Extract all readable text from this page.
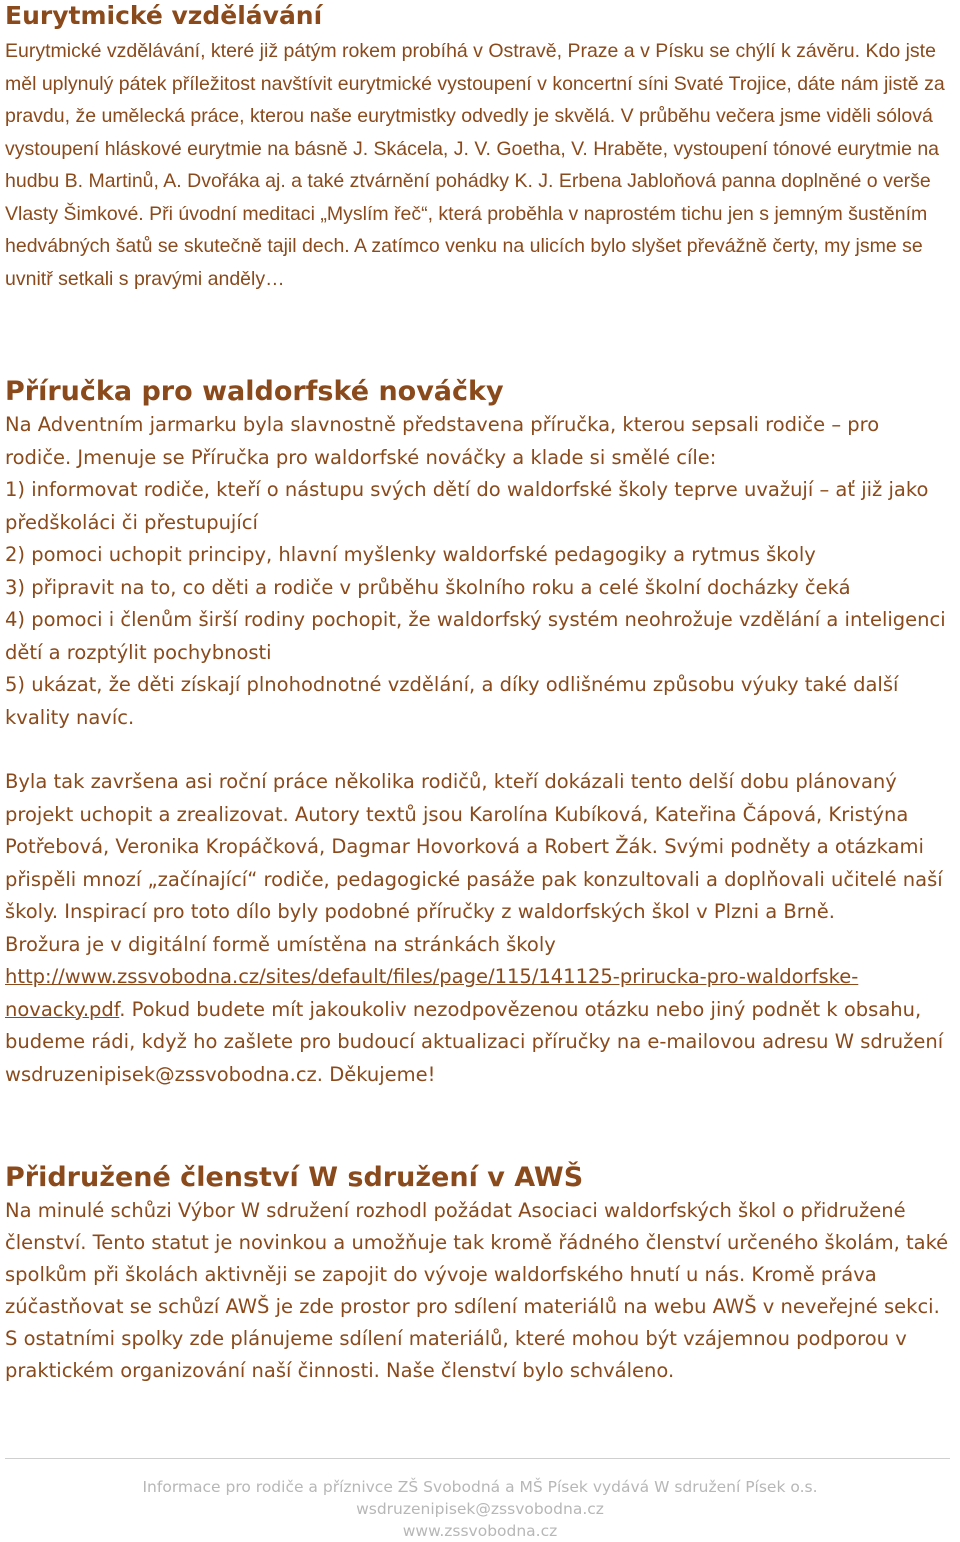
Eurytmické vzdělávání

Eurytmické vzdělávání, které již pátým rokem probíhá v Ostravě, Praze a v Písku se chýlí k závěru. Kdo jste měl uplynulý pátek příležitost navštívit eurytmické vystoupení v koncertní síni Svaté Trojice, dáte nám jistě za pravdu, že umělecká práce, kterou naše eurytmistky odvedly je skvělá. V průběhu večera jsme viděli sólová vystoupení hláskové eurytmie na básně J. Skácela, J. V. Goetha, V. Hraběte, vystoupení tónové eurytmie na hudbu B. Martinů, A. Dvořáka aj. a také ztvárnění pohádky K. J. Erbena Jabloňová panna doplněné o verše Vlasty Šimkové. Při úvodní meditaci „Myslím řeč“, která proběhla v naprostém tichu jen s jemným šustěním hedvábných šatů se skutečně tajil dech. A zatímco venku na ulicích bylo slyšet převážně čerty, my jsme se uvnitř setkali s pravými anděly…

Příručka pro waldorfské nováčky

Na Adventním jarmarku byla slavnostně představena příručka, kterou sepsali rodiče – pro rodiče. Jmenuje se Příručka pro waldorfské nováčky a klade si smělé cíle:

1) informovat rodiče, kteří o nástupu svých dětí do waldorfské školy teprve uvažují – ať již jako předškoláci či přestupující

2) pomoci uchopit principy, hlavní myšlenky waldorfské pedagogiky a rytmus školy

3) připravit na to, co děti a rodiče v průběhu školního roku a celé školní docházky čeká

4) pomoci i členům širší rodiny pochopit, že waldorfský systém neohrožuje vzdělání a inteligenci dětí a rozptýlit pochybnosti

5) ukázat, že děti získají plnohodnotné vzdělání, a díky odlišnému způsobu výuky také další kvality navíc.

Byla tak završena asi roční práce několika rodičů, kteří dokázali tento delší dobu plánovaný projekt uchopit a zrealizovat. Autory textů jsou Karolína Kubíková, Kateřina Čápová, Kristýna Potřebová, Veronika Kropáčková, Dagmar Hovorková a Robert Žák. Svými podněty a otázkami přispěli mnozí „začínající“ rodiče, pedagogické pasáže pak konzultovali a doplňovali učitelé naší školy. Inspirací pro toto dílo byly podobné příručky z waldorfských škol v Plzni a Brně.

Brožura je v digitální formě umístěna na stránkách školy

http://www.zssvobodna.cz/sites/default/files/page/115/141125-prirucka-pro-waldorfske-novacky.pdf. Pokud budete mít jakoukoliv nezodpovězenou otázku nebo jiný podnět k obsahu, budeme rádi, když ho zašlete pro budoucí aktualizaci příručky na e-mailovou adresu W sdružení wsdruzenipisek@zssvobodna.cz. Děkujeme!

Přidružené členství W sdružení v AWŠ

Na minulé schůzi Výbor W sdružení rozhodl požádat Asociaci waldorfských škol o přidružené členství. Tento statut je novinkou a umožňuje tak kromě řádného členství určeného školám, také spolkům při školách aktivněji se zapojit do vývoje waldorfského hnutí u nás. Kromě práva zúčastňovat se schůzí AWŠ je zde prostor pro sdílení materiálů na webu AWŠ v neveřejné sekci. S ostatními spolky zde plánujeme sdílení materiálů, které mohou být vzájemnou podporou v praktickém organizování naší činnosti. Naše členství bylo schváleno.

Informace pro rodiče a příznivce ZŠ Svobodná a MŠ Písek vydává W sdružení Písek o.s.
wsdruzenipisek@zssvobodna.cz
www.zssvobodna.cz
